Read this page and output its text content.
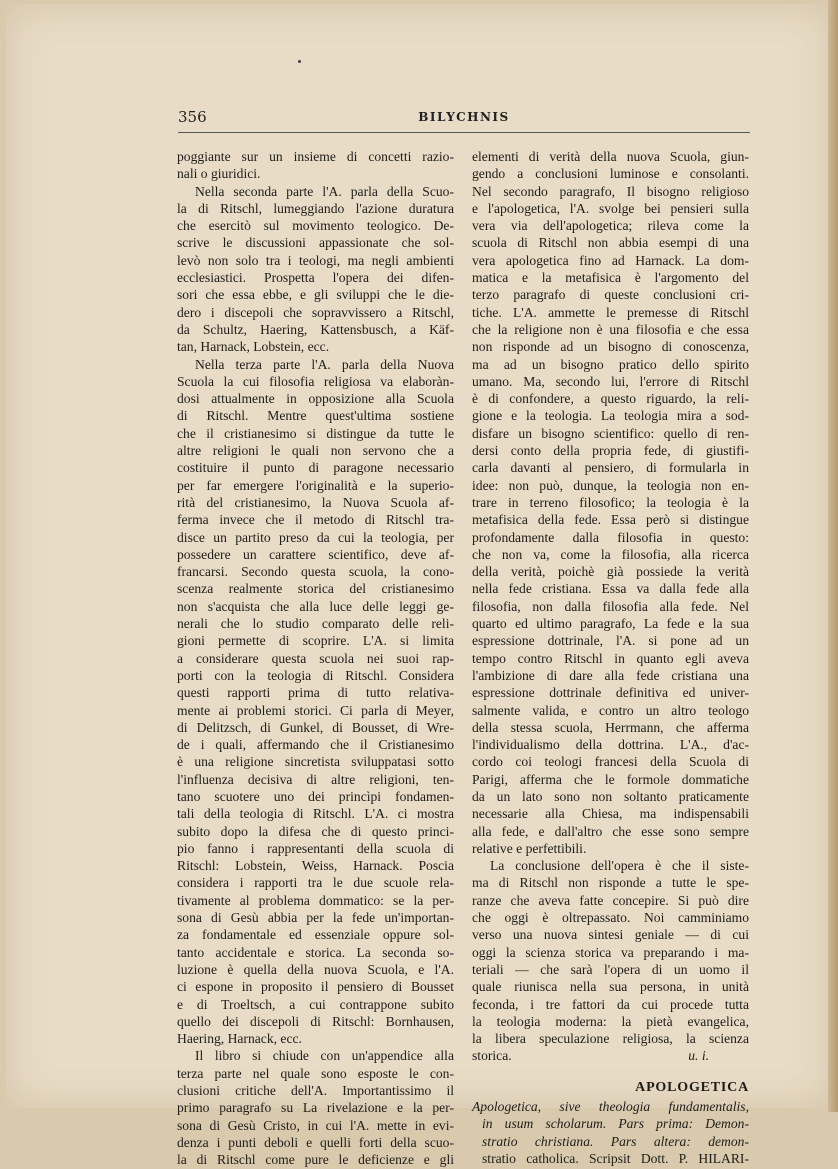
356	BILYCHNIS
poggiante sur un insieme di concetti razio-
nali o giuridici.
Nella seconda parte l'A. parla della Scuo-
la di Ritschl, lumeggiando l'azione duratura
che esercitò sul movimento teologico. De-
scrive le discussioni appassionate che sol-
levò non solo tra i teologi, ma negli ambienti
ecclesiastici. Prospetta l'opera dei difen-
sori che essa ebbe, e gli sviluppi che le die-
dero i discepoli che sopravvissero a Ritschl,
da Schultz, Haering, Kattensbusch, a Käf-
tan, Harnack, Lobstein, ecc.
Nella terza parte l'A. parla della Nuova
Scuola la cui filosofia religiosa va elaboràn-
dosi attualmente in opposizione alla Scuola
di Ritschl. Mentre quest'ultima sostiene
che il cristianesimo si distingue da tutte le
altre religioni le quali non servono che a
costituire il punto di paragone necessario
per far emergere l'originalità e la superio-
rità del cristianesimo, la Nuova Scuola af-
ferma invece che il metodo di Ritschl tra-
disce un partito preso da cui la teologia, per
possedere un carattere scientifico, deve af-
francarsi. Secondo questa scuola, la cono-
scenza realmente storica del cristianesimo
non s'acquista che alla luce delle leggi ge-
nerali che lo studio comparato delle reli-
gioni permette di scoprire. L'A. si limita
a considerare questa scuola nei suoi rap-
porti con la teologia di Ritschl. Considera
questi rapporti prima di tutto relativa-
mente ai problemi storici. Ci parla di Meyer,
di Delitzsch, di Gunkel, di Bousset, di Wre-
de i quali, affermando che il Cristianesimo
è una religione sincretista sviluppatasi sotto
l'influenza decisiva di altre religioni, ten-
tano scuotere uno dei princìpi fondamen-
tali della teologia di Ritschl. L'A. ci mostra
subito dopo la difesa che di questo princi-
pio fanno i rappresentanti della scuola di
Ritschl: Lobstein, Weiss, Harnack. Poscia
considera i rapporti tra le due scuole rela-
tivamente al problema dommatico: se la per-
sona di Gesù abbia per la fede un'importan-
za fondamentale ed essenziale oppure sol-
tanto accidentale e storica. La seconda so-
luzione è quella della nuova Scuola, e l'A.
ci espone in proposito il pensiero di Bousset
e di Troeltsch, a cui contrappone subito
quello dei discepoli di Ritschl: Bornhausen,
Haering, Harnack, ecc.
Il libro si chiude con un'appendice alla
terza parte nel quale sono esposte le con-
clusioni critiche dell'A. Importantissimo il
primo paragrafo su La rivelazione e la per-
sona di Gesù Cristo, in cui l'A. mette in evi-
denza i punti deboli e quelli forti della scuo-
la di Ritschl come pure le deficienze e gli
elementi di verità della nuova Scuola, giun-
gendo a conclusioni luminose e consolanti.
Nel secondo paragrafo, Il bisogno religioso
e l'apologetica, l'A. svolge bei pensieri sulla
vera via dell'apologetica; rileva come la
scuola di Ritschl non abbia esempi di una
vera apologetica fino ad Harnack. La dom-
matica e la metafisica è l'argomento del
terzo paragrafo di queste conclusioni cri-
tiche. L'A. ammette le premesse di Ritschl
che la religione non è una filosofia e che essa
non risponde ad un bisogno di conoscenza,
ma ad un bisogno pratico dello spirito
umano. Ma, secondo lui, l'errore di Ritschl
è di confondere, a questo riguardo, la reli-
gione e la teologia. La teologia mira a sod-
disfare un bisogno scientifico: quello di ren-
dersi conto della propria fede, di giustifi-
carla davanti al pensiero, di formularla in
idee: non può, dunque, la teologia non en-
trare in terreno filosofico; la teologia è la
metafisica della fede. Essa però si distingue
profondamente dalla filosofia in questo:
che non va, come la filosofia, alla ricerca
della verità, poichè già possiede la verità
nella fede cristiana. Essa va dalla fede alla
filosofia, non dalla filosofia alla fede. Nel
quarto ed ultimo paragrafo, La fede e la sua
espressione dottrinale, l'A. si pone ad un
tempo contro Ritschl in quanto egli aveva
l'ambizione di dare alla fede cristiana una
espressione dottrinale definitiva ed univer-
salmente valida, e contro un altro teologo
della stessa scuola, Herrmann, che afferma
l'individualismo della dottrina. L'A., d'ac-
cordo coi teologi francesi della Scuola di
Parigi, afferma che le formole dommatiche
da un lato sono non soltanto praticamente
necessarie alla Chiesa, ma indispensabili
alla fede, e dall'altro che esse sono sempre
relative e perfettibili.
La conclusione dell'opera è che il siste-
ma di Ritschl non risponde a tutte le spe-
ranze che aveva fatte concepire. Si può dire
che oggi è oltrepassato. Noi camminiamo
verso una nuova sintesi geniale — di cui
oggi la scienza storica va preparando i ma-
teriali — che sarà l'opera di un uomo il
quale riunisca nella sua persona, in unità
feconda, i tre fattori da cui procede tutta
la teologia moderna: la pietà evangelica,
la libera speculazione religiosa, la scienza
storica.	u. i.
APOLOGETICA
Apologetica, sive theologia fundamentalis,
in usum scholarum. Pars prima: Demon-
stratio christiana. Pars altera: demon-
stratio catholica. Scripsit Dott. P. HILARI-
